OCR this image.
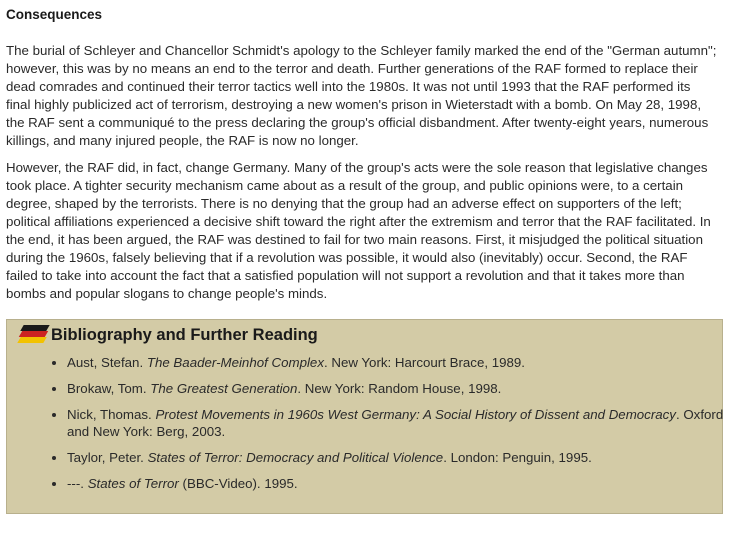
Consequences

The burial of Schleyer and Chancellor Schmidt's apology to the Schleyer family marked the end of the "German autumn"; however, this was by no means an end to the terror and death. Further generations of the RAF formed to replace their dead comrades and continued their terror tactics well into the 1980s. It was not until 1993 that the RAF performed its final highly publicized act of terrorism, destroying a new women's prison in Wieterstadt with a bomb. On May 28, 1998, the RAF sent a communiqué to the press declaring the group's official disbandment. After twenty-eight years, numerous killings, and many injured people, the RAF is now no longer.

However, the RAF did, in fact, change Germany. Many of the group's acts were the sole reason that legislative changes took place. A tighter security mechanism came about as a result of the group, and public opinions were, to a certain degree, shaped by the terrorists. There is no denying that the group had an adverse effect on supporters of the left; political affiliations experienced a decisive shift toward the right after the extremism and terror that the RAF facilitated. In the end, it has been argued, the RAF was destined to fail for two main reasons. First, it misjudged the political situation during the 1960s, falsely believing that if a revolution was possible, it would also (inevitably) occur. Second, the RAF failed to take into account the fact that a satisfied population will not support a revolution and that it takes more than bombs and popular slogans to change people's minds.

Bibliography and Further Reading
• Aust, Stefan. The Baader-Meinhof Complex. New York: Harcourt Brace, 1989.
• Brokaw, Tom. The Greatest Generation. New York: Random House, 1998.
• Nick, Thomas. Protest Movements in 1960s West Germany: A Social History of Dissent and Democracy. Oxford and New York: Berg, 2003.
• Taylor, Peter. States of Terror: Democracy and Political Violence. London: Penguin, 1995.
• ---. States of Terror (BBC-Video). 1995.
